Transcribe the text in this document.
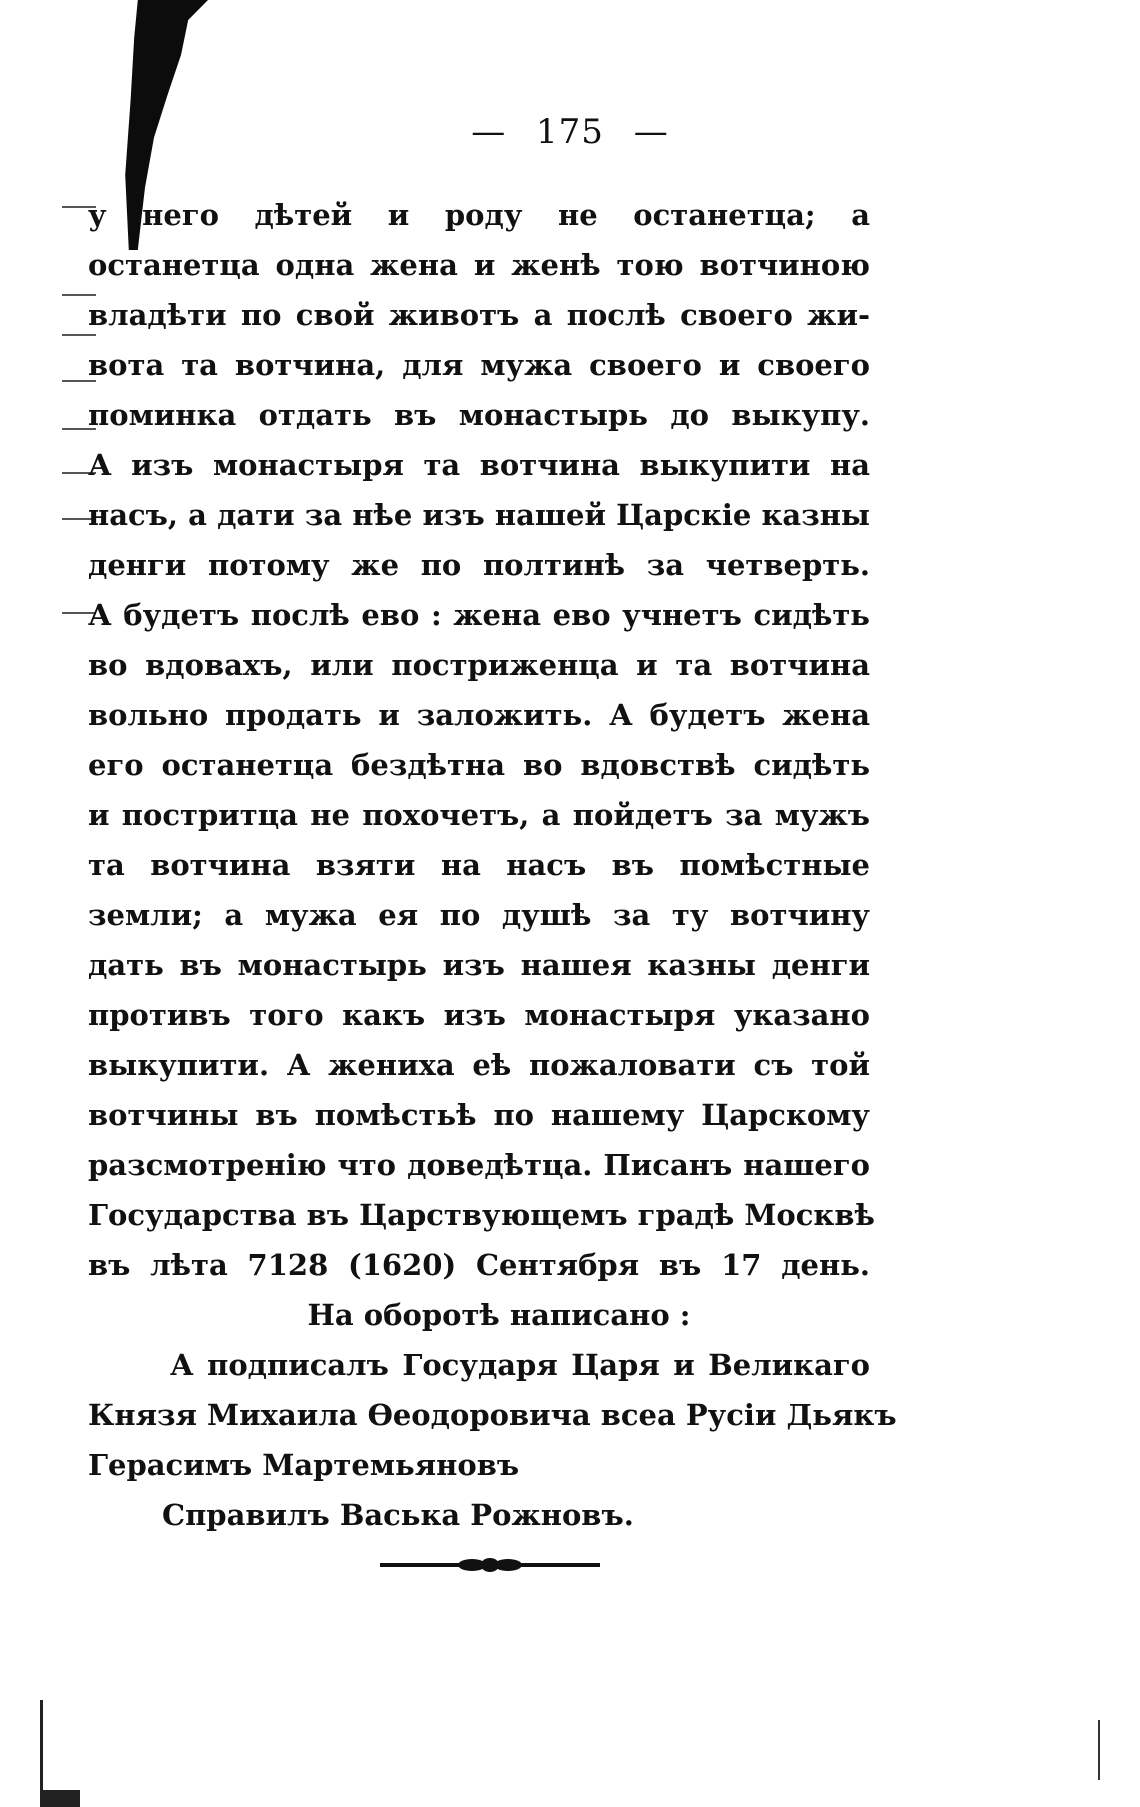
— 175 —
у него дѣтей и роду не останетца; а
останетца одна жена и женѣ тою вотчиною
владѣти по свой животъ а послѣ своего жи-
вота та вотчина, для мужа своего и своего
поминка отдать въ монастырь до выкупу.
А изъ монастыря та вотчина выкупити на
насъ, а дати за нѣе изъ нашей Царскіе казны
денги потому же по полтинѣ за четверть.
А будетъ послѣ ево : жена ево учнетъ сидѣть
во вдовахъ, или постриженца и та вотчина
вольно продать и заложить. А будетъ жена
его останетца бездѣтна во вдовствѣ сидѣть
и постритца не похочетъ, а пойдетъ за мужъ
та вотчина взяти на насъ въ помѣстные
земли; а мужа ея по душѣ за ту вотчину
дать въ монастырь изъ нашея казны денги
противъ того какъ изъ монастыря указано
выкупити. А жениха еѣ пожаловати съ той
вотчины въ помѣстьѣ по нашему Царскому
разсмотренію что доведѣтца. Писанъ нашего
Государства въ Царствующемъ градѣ Москвѣ
въ лѣта 7128 (1620) Сентября въ 17 день.
На оборотѣ написано :
А подписалъ Государя Царя и Великаго
Князя Михаила Ѳеодоровича всеа Русіи Дьякъ
Герасимъ Мартемьяновъ
Справилъ Васька Рожновъ.
